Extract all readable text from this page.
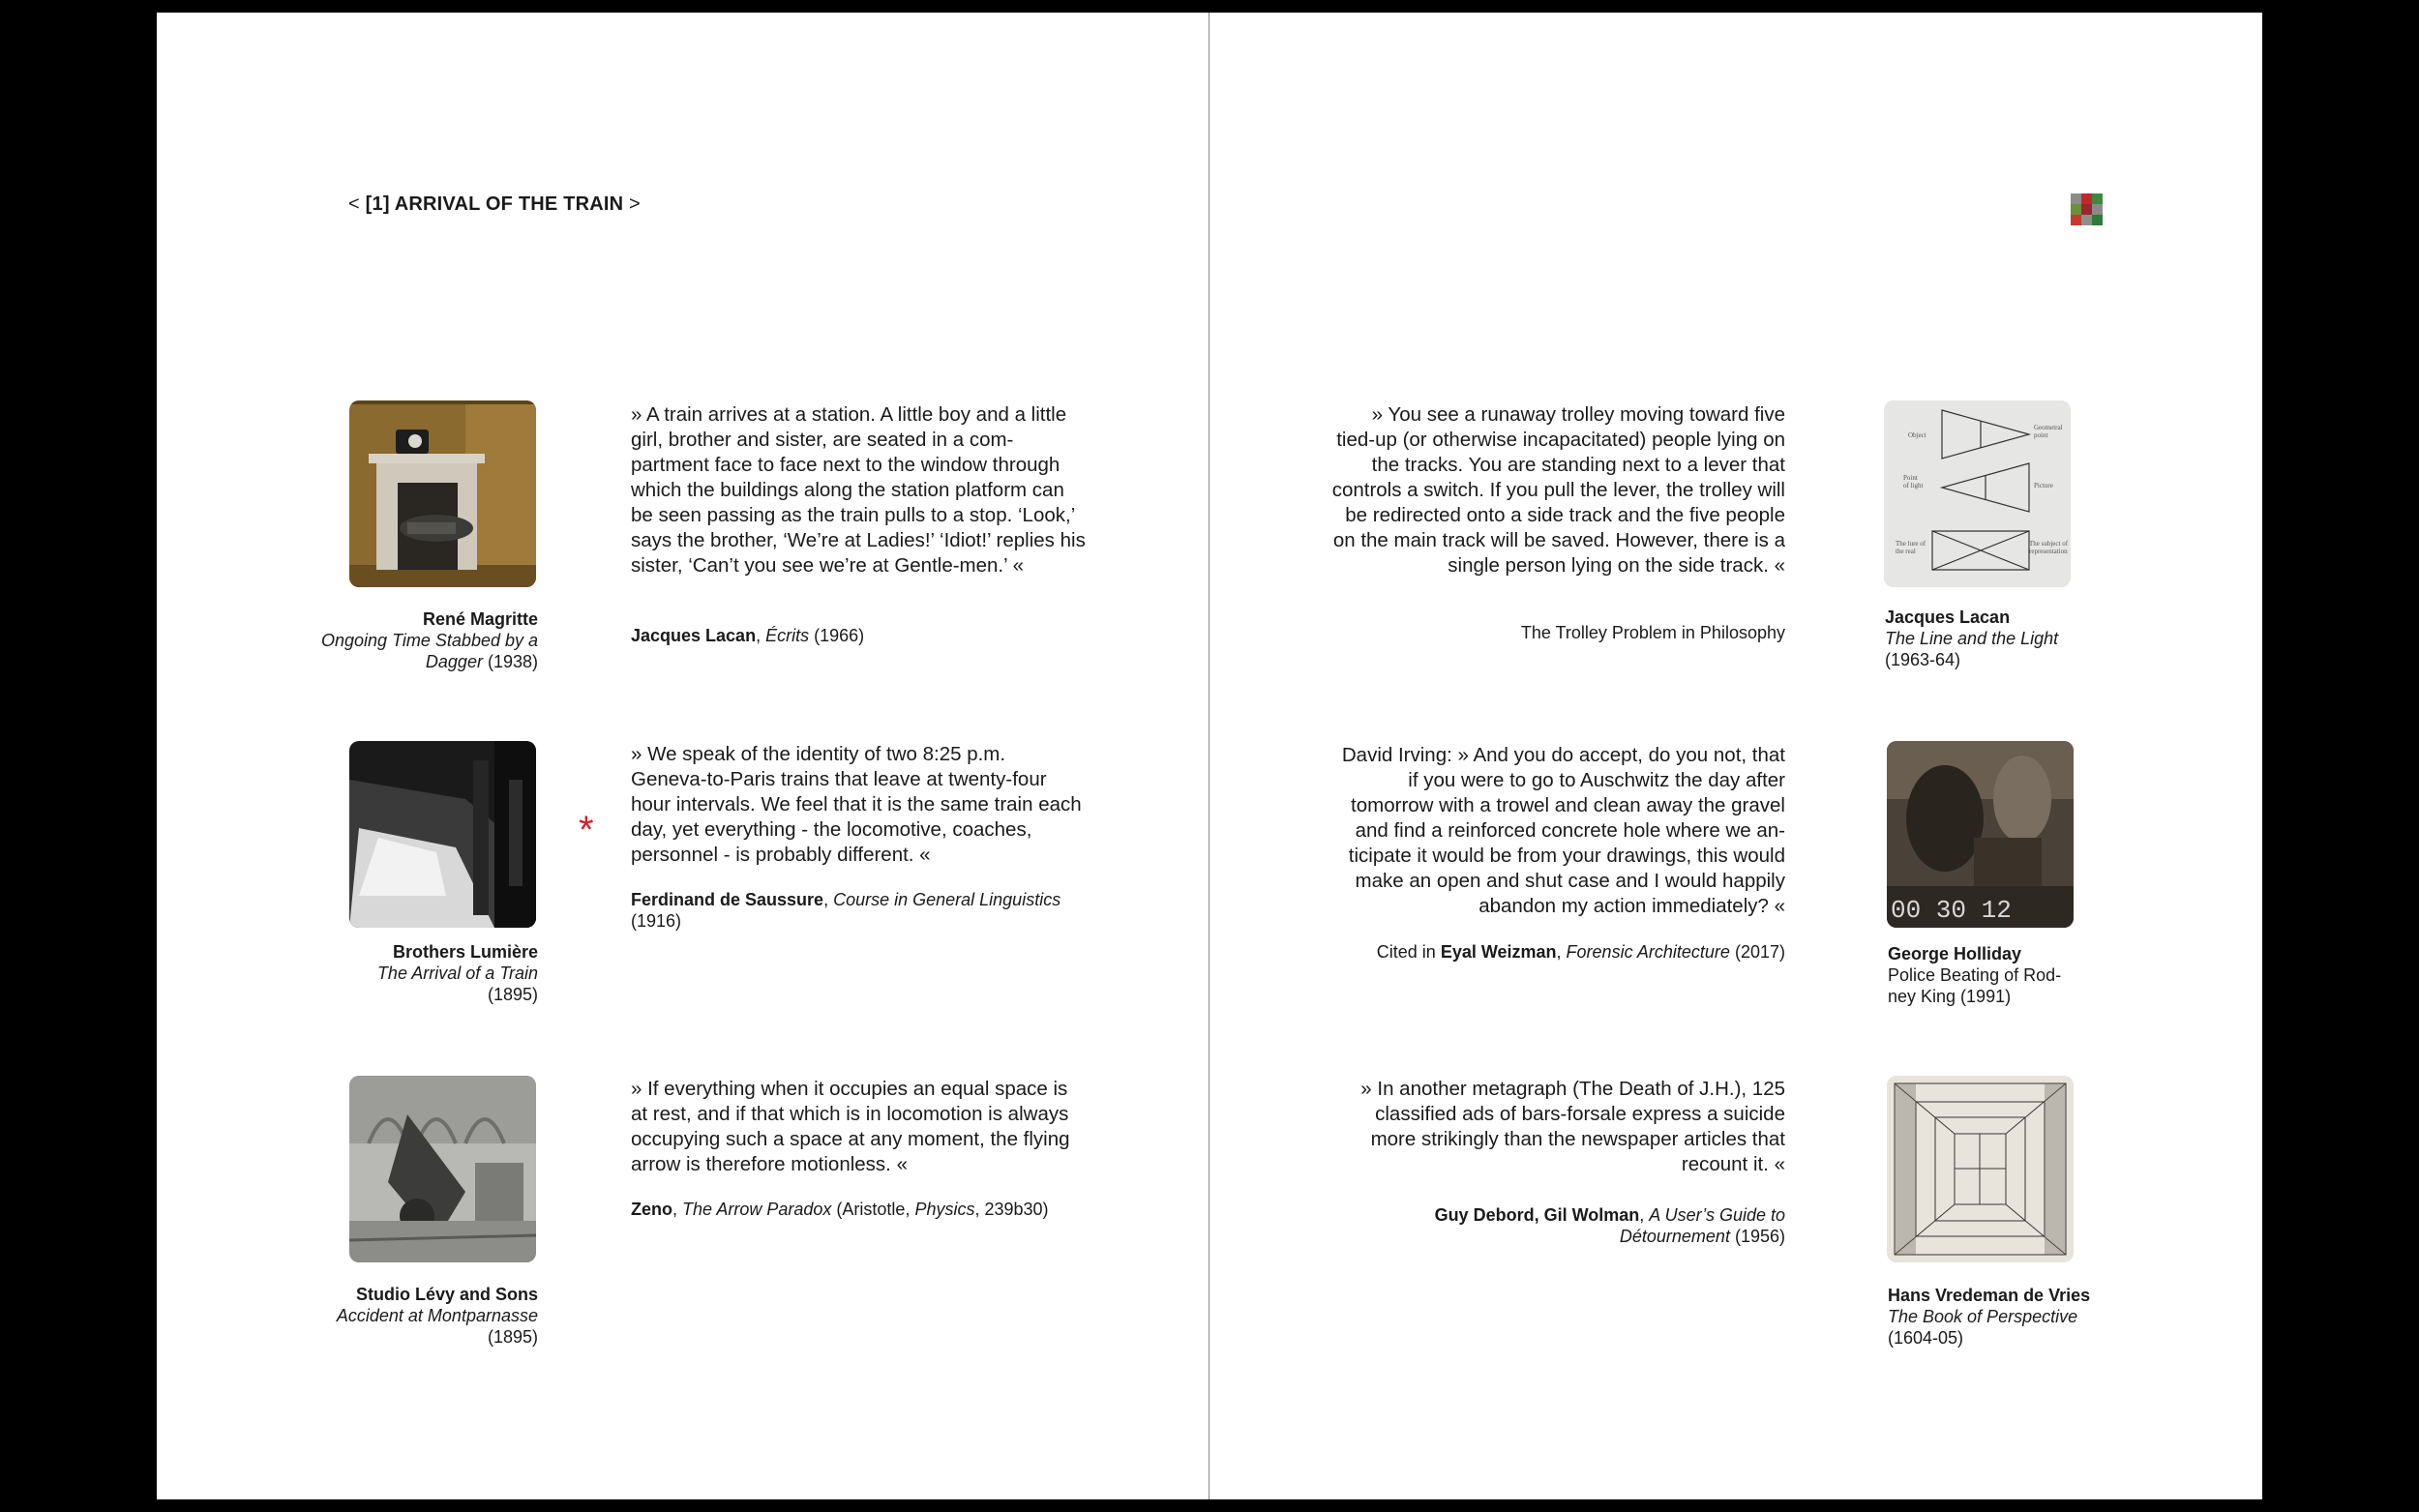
< [1] ARRIVAL OF THE TRAIN >
René Magritte
Ongoing Time Stabbed by a Dagger (1938)
» A train arrives at a station. A little boy and a little girl, brother and sister, are seated in a com-partment face to face next to the window through which the buildings along the station platform can be seen passing as the train pulls to a stop. ‘Look,’ says the brother, ‘We’re at Ladies!’ ‘Idiot!’ replies his sister, ‘Can’t you see we’re at Gentle-men.’ «
Jacques Lacan, Écrits (1966)
Brothers Lumière
The Arrival of a Train
(1895)
*
» We speak of the identity of two 8:25 p.m. Geneva-to-Paris trains that leave at twenty-four hour intervals. We feel that it is the same train each day, yet everything - the locomotive, coaches, personnel - is probably different. «
Ferdinand de Saussure, Course in General Linguistics
(1916)
Studio Lévy and Sons
Accident at Montparnasse
(1895)
» If everything when it occupies an equal space is at rest, and if that which is in locomotion is always occupying such a space at any moment, the flying arrow is therefore motionless. «
Zeno, The Arrow Paradox (Aristotle, Physics, 239b30)
» You see a runaway trolley moving toward five tied-up (or otherwise incapacitated) people lying on the tracks. You are standing next to a lever that controls a switch. If you pull the lever, the trolley will be redirected onto a side track and the five people on the main track will be saved. However, there is a single person lying on the side track. «
The Trolley Problem in Philosophy
Object
Geometral
point
Point
of light	Picture
The lure of
the real
The subject of
representation
Jacques Lacan
The Line and the Light
(1963-64)
David Irving: » And you do accept, do you not, that if you were to go to Auschwitz the day after tomorrow with a trowel and clean away the gravel and find a reinforced concrete hole where we an-ticipate it would be from your drawings, this would make an open and shut case and I would happily abandon my action immediately? «
Cited in Eyal Weizman, Forensic Architecture (2017)
00 30 12
George Holliday
Police Beating of Rod-ney King (1991)
» In another metagraph (The Death of J.H.), 125 classified ads of bars-forsale express a suicide more strikingly than the newspaper articles that recount it. «
Guy Debord, Gil Wolman, A User’s Guide to Détournement (1956)
Hans Vredeman de Vries
The Book of Perspective
(1604-05)
